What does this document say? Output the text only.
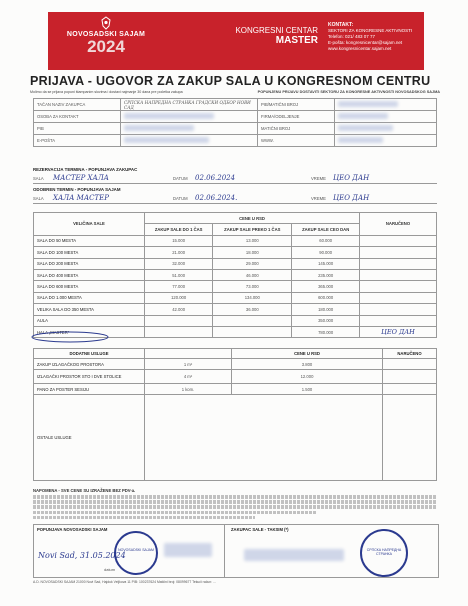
NOVOSADSKI SAJAM
2024
KONGRESNI CENTAR
MASTER
KONTAKT:
SEKTORI ZA KONGRESNE AKTIVNOSTI
Telefon: 021/ 483 07 77
E-pošta: kongresnicentar@sajam.net
www.kongresnicentar.sajam.net
PRIJAVA - UGOVOR ZA ZAKUP SALA U KONGRESNOM CENTRU
Molimo da se prijava popuni štampanim slovima i dostavi najmanje 30 dana pre početka zakupa	POPUNJENU PRIJAVU DOSTAVITI SEKTORU ZA KONGRESNE AKTIVNOSTI NOVOSADSKOG SAJMA
TAČAN NAZIV ZAKUPCA	СРПСКА НАПРЕДНА СТРАНКА ГРАДСКИ ОДБОР НОВИ САД	PIB/MATIČNI BROJ	
OSOBA ZA KONTAKT		FIRMA/ODELJENJE	
PIB		MATIČNI BROJ	
E-POŠTA		WWW.	
REZERVACIJA TERMINA - POPUNJAVA ZAKUPAC
SALA	МАСТЕР ХАЛА	DATUM	02.06.2024	VREME	ЦЕО ДАН
ODOBREN TERMIN - POPUNJAVA SAJAM
SALA	ХАЛА МАСТЕР	DATUM	02.06.2024.	VREME	ЦЕО ДАН
VELIČINA SALE	CENE U RSD			NARUČENO
	ZAKUP SALE DO 1 ČAS	ZAKUP SALE PREKO 1 ČAS	ZAKUP SALE CEO DAN	
SALA DO 50 MESTA	15.000	13.000	60.000	
SALA DO 100 MESTA	21.000	18.000	90.000	
SALA DO 200 MESTA	32.000	29.000	145.000	
SALA DO 400 MESTA	51.000	46.000	235.000	
SALA DO 600 MESTA	77.000	73.000	365.000	
SALA DO 1.000 MESTA	120.000	134.000	600.000	
VELIKA SALA DO 350 MESTA	42.000	36.000	180.000	
AULA			350.000	
HALA „MASTER"			780.000	ЦЕО ДАН
DODATNE USLUGE		CENE U RSD	NARUČENO
ZAKUP IZLAGAČKOG PROSTORA	1 m²	3.800	
IZLAGAČKI PROSTOR STO I DVE STOLICE	4 m²	12.000	
PANO ZA POSTER SESIJU	1 kom.	1.500	
OSTALE USLUGE			
NAPOMENA - SVE CENE SU IZRAŽENE BEZ PDV-a.
POPUNJAVA NOVOSADSKI SAJAM
Novi Sad, 31.05.2024
datum
NOVOSADSKI SAJAM
ZAKUPAC SALE - TAKSIM (*)
СРПСКА НАПРЕДНА СТРАНКА
A.D. NOVOSADSKI SAJAM 21000 Novi Sad, Hajduk Veljkova 11 PIB: 100237624 Matični broj: 08099677 Tekući račun: ...
